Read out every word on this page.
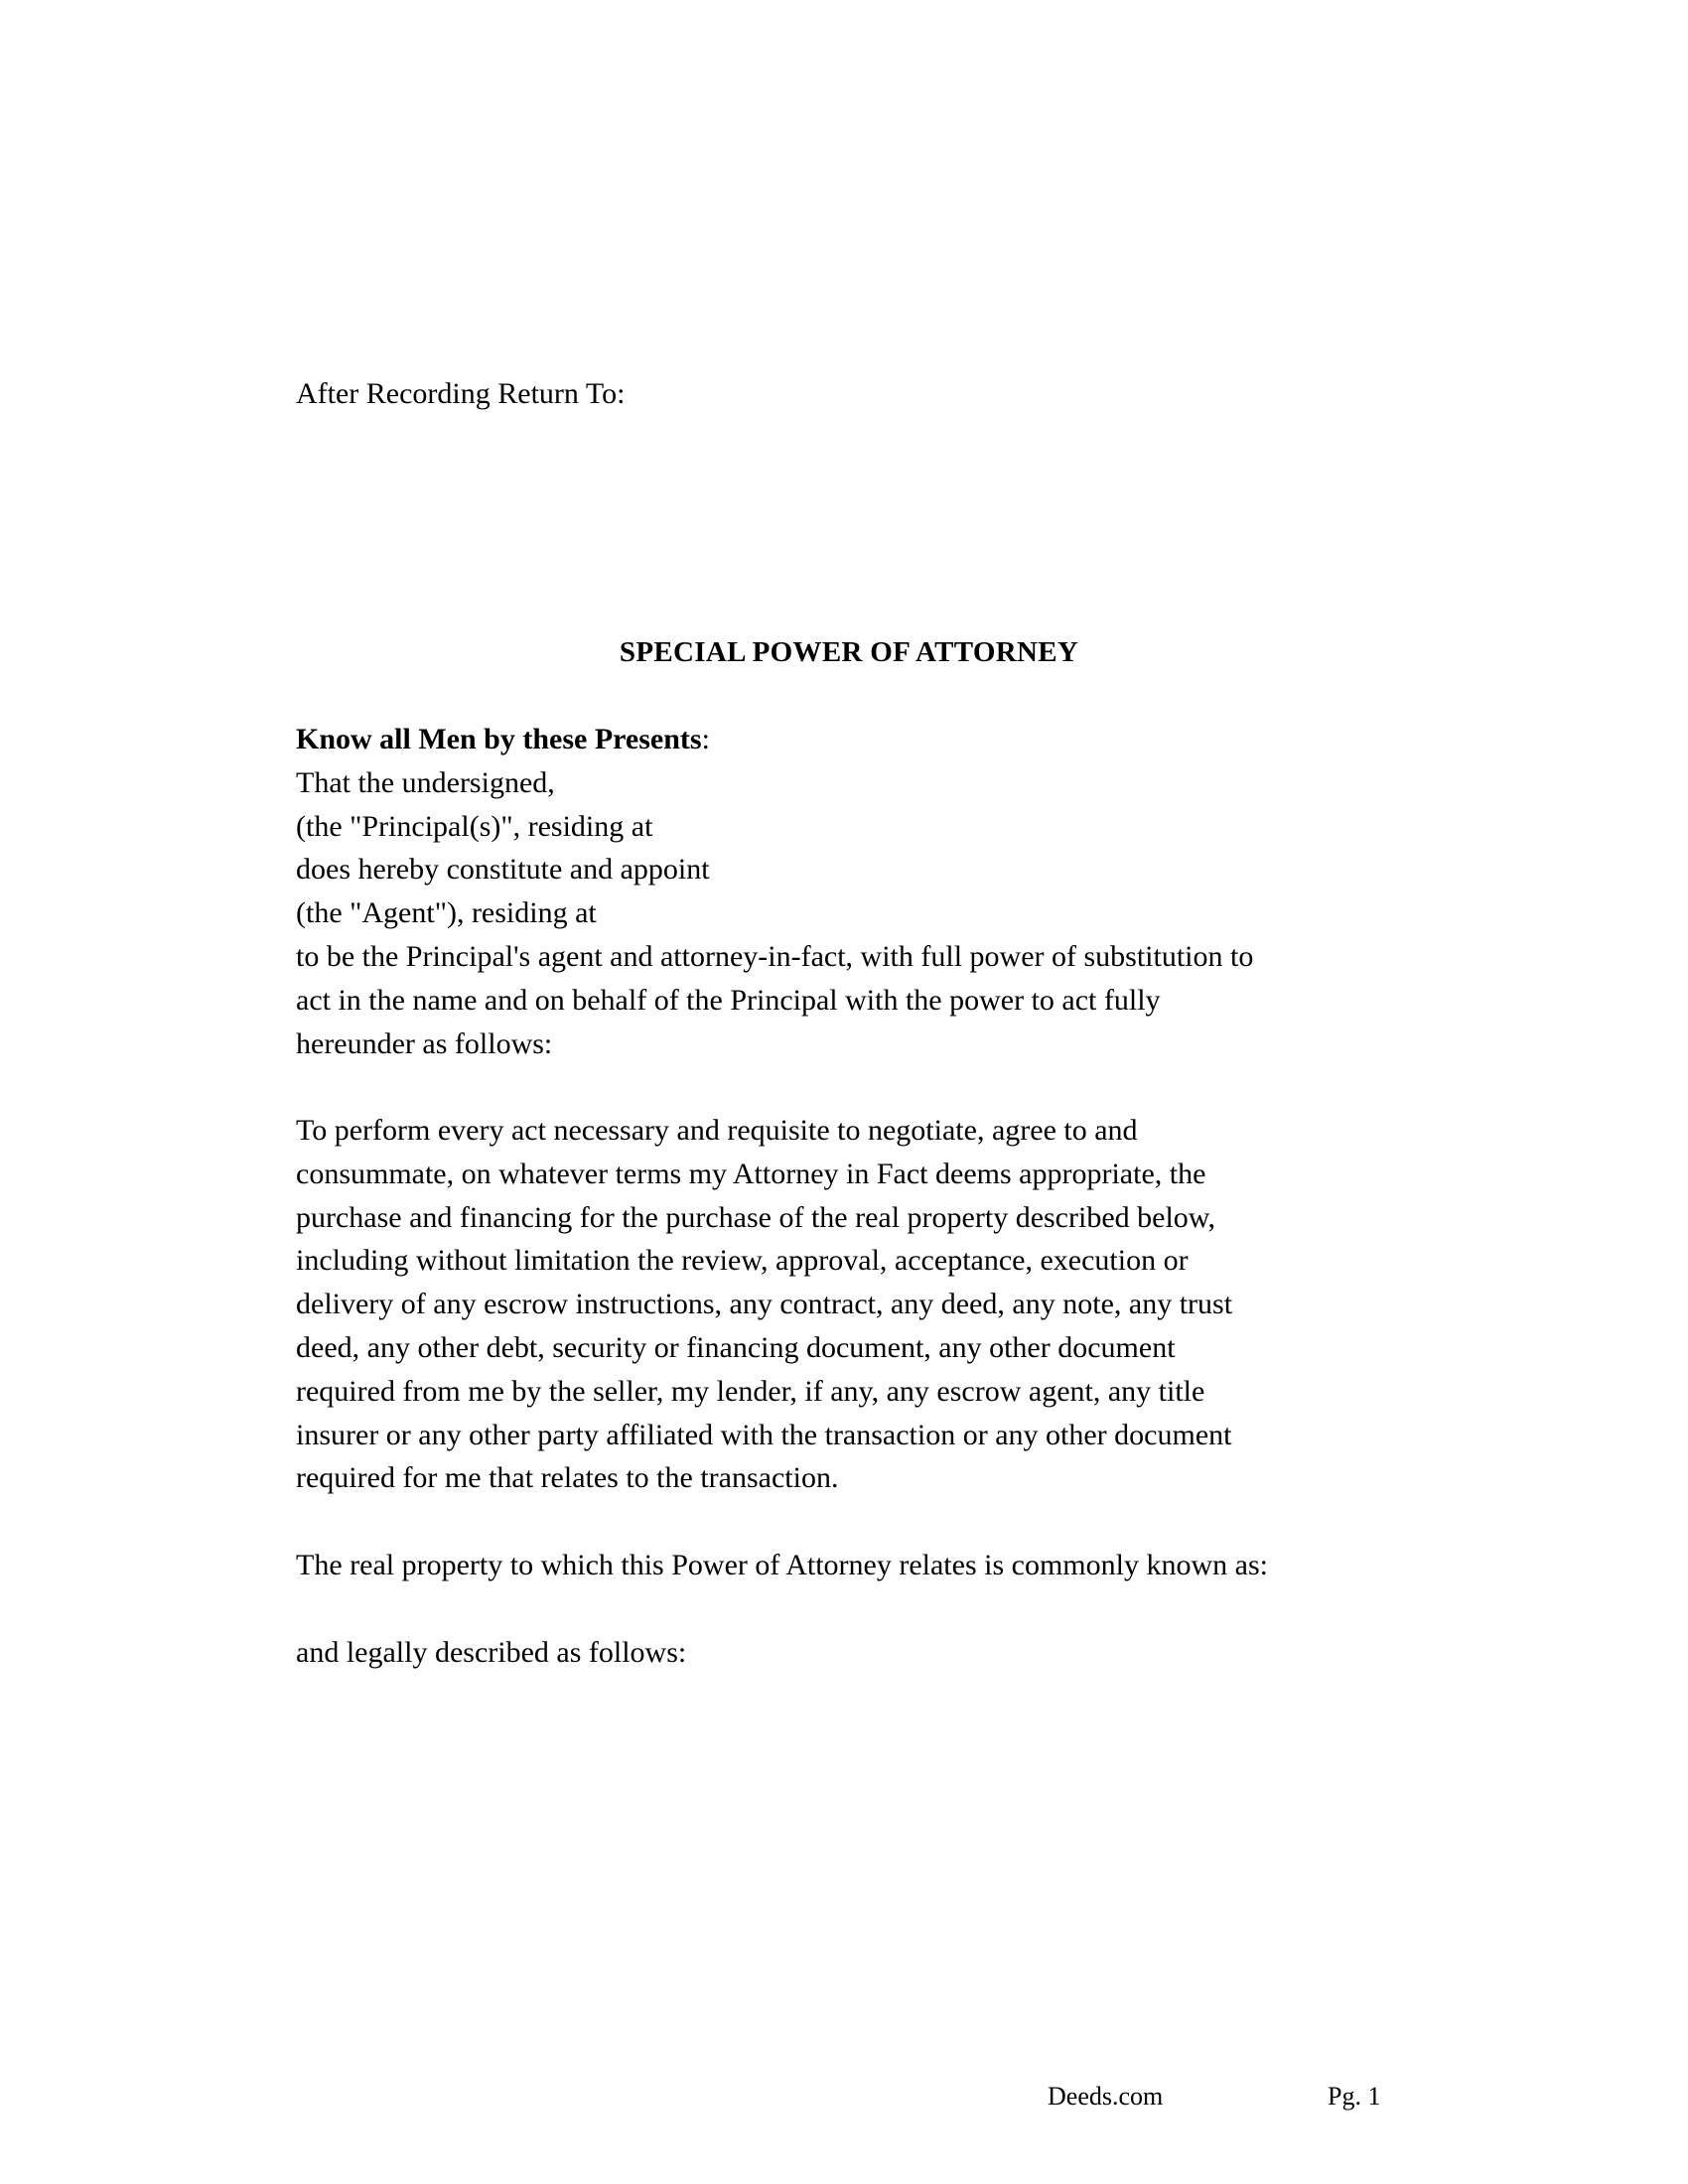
After Recording Return To:

SPECIAL POWER OF ATTORNEY
Know all Men by these Presents:
That the undersigned,
(the "Principal(s)", residing at
does hereby constitute and appoint
(the "Agent"), residing at
to be the Principal's agent and attorney-in-fact, with full power of substitution to
act in the name and on behalf of the Principal with the power to act fully
hereunder as follows:
To perform every act necessary and requisite to negotiate, agree to and
consummate, on whatever terms my Attorney in Fact deems appropriate, the
purchase and financing for the purchase of the real property described below,
including without limitation the review, approval, acceptance, execution or
delivery of any escrow instructions, any contract, any deed, any note, any trust
deed, any other debt, security or financing document, any other document
required from me by the seller, my lender, if any, any escrow agent, any title
insurer or any other party affiliated with the transaction or any other document
required for me that relates to the transaction.

The real property to which this Power of Attorney relates is commonly known as:

and legally described as follows:

Deeds.com	Pg. 1
